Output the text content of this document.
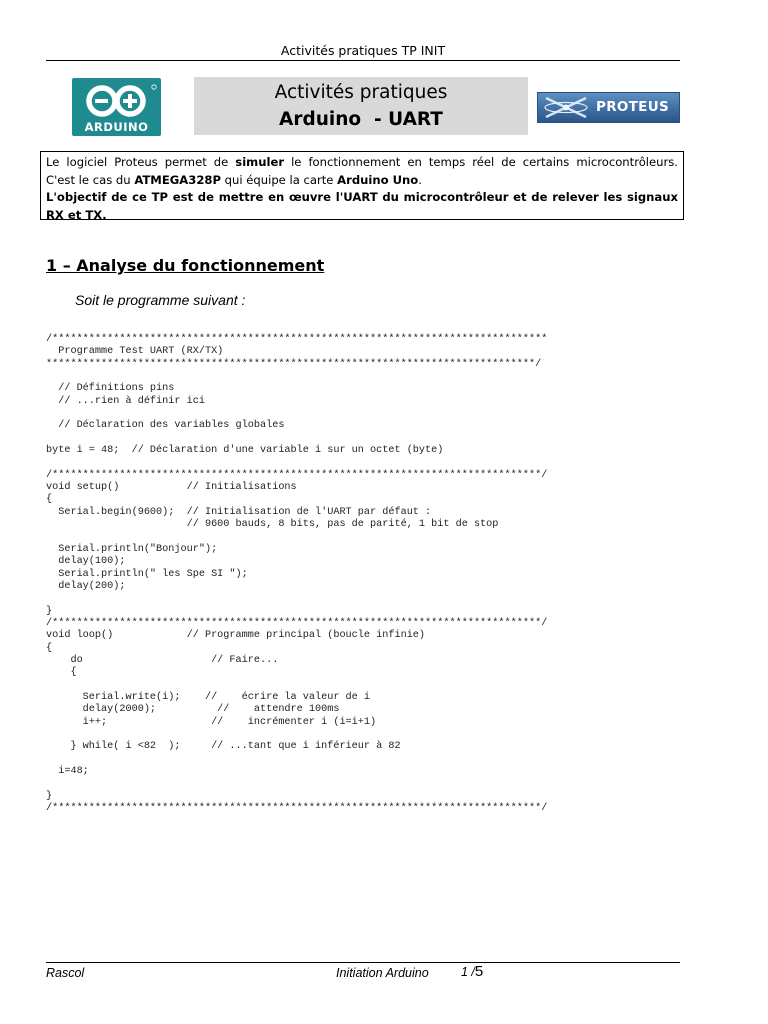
Activités pratiques TP INIT
ARDUINO
Activités pratiques
Arduino  - UART
PROTEUS

Le logiciel Proteus permet de simuler le fonctionnement en temps réel de certains microcontrôleurs.

C'est le cas du ATMEGA328P qui équipe la carte Arduino Uno.

L'objectif de ce TP est de mettre en œuvre l'UART du microcontrôleur et de relever les signaux

RX et TX.

1 – Analyse du fonctionnement
Soit le programme suivant :
/*********************************************************************************
Programme Test UART (RX/TX)
********************************************************************************/
// Définitions pins
// ...rien à définir ici
// Déclaration des variables globales
byte i = 48;  // Déclaration d'une variable i sur un octet (byte)
/********************************************************************************/
void setup()           // Initialisations
{
Serial.begin(9600);  // Initialisation de l'UART par défaut :
// 9600 bauds, 8 bits, pas de parité, 1 bit de stop
Serial.println("Bonjour");
delay(100);
Serial.println(" les Spe SI ");
delay(200);
}
/********************************************************************************/
void loop()            // Programme principal (boucle infinie)
{
do                     // Faire...
{
Serial.write(i);    //    écrire la valeur de i
delay(2000);          //    attendre 100ms
i++;                 //    incrémenter i (i=i+1)
} while( i <82  );     // ...tant que i inférieur à 82
i=48;
}
/********************************************************************************/
Rascol	Initiation Arduino	1 /5
